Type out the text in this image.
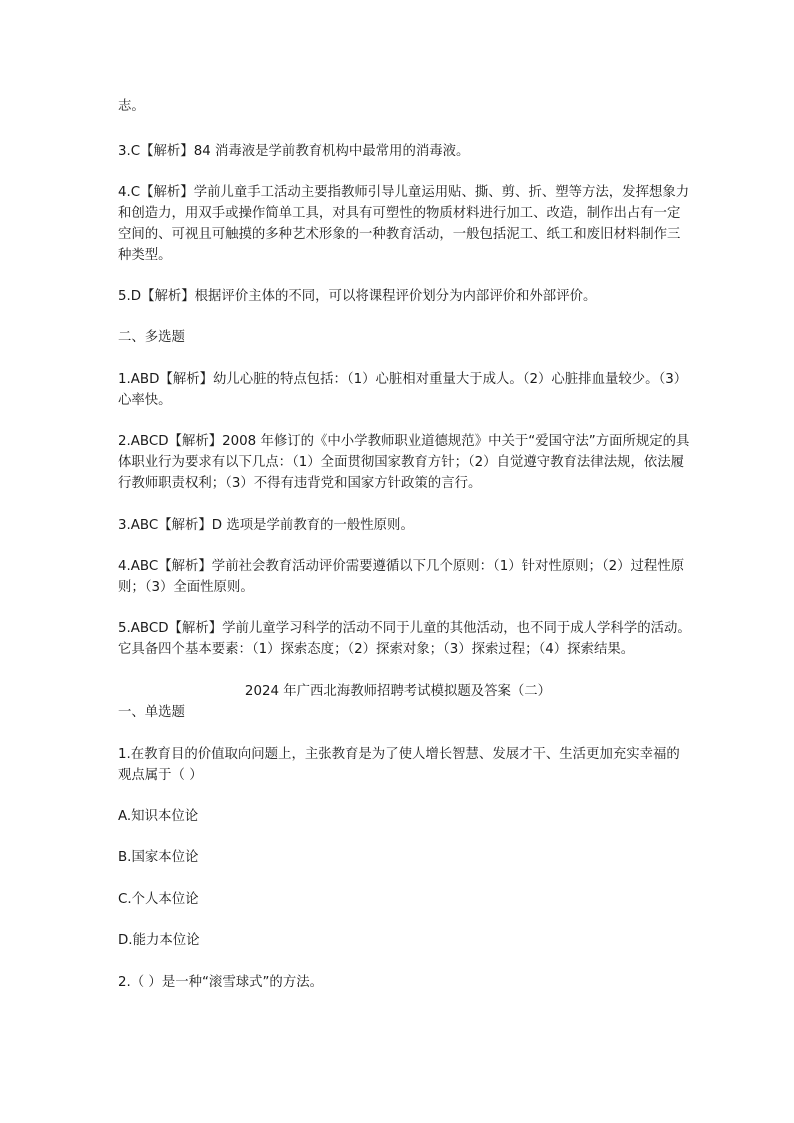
志。

3.C【解析】84 消毒液是学前教育机构中最常用的消毒液。

4.C【解析】学前儿童手工活动主要指教师引导儿童运用贴、撕、剪、折、塑等方法，发挥想象力和创造力，用双手或操作简单工具，对具有可塑性的物质材料进行加工、改造，制作出占有一定空间的、可视且可触摸的多种艺术形象的一种教育活动，一般包括泥工、纸工和废旧材料制作三种类型。

5.D【解析】根据评价主体的不同，可以将课程评价划分为内部评价和外部评价。

二、多选题

1.ABD【解析】幼儿心脏的特点包括：（1）心脏相对重量大于成人。（2）心脏排血量较少。（3）心率快。

2.ABCD【解析】2008 年修订的《中小学教师职业道德规范》中关于“爱国守法”方面所规定的具体职业行为要求有以下几点：（1）全面贯彻国家教育方针；（2）自觉遵守教育法律法规，依法履行教师职责权利；（3）不得有违背党和国家方针政策的言行。

3.ABC【解析】D 选项是学前教育的一般性原则。

4.ABC【解析】学前社会教育活动评价需要遵循以下几个原则：（1）针对性原则；（2）过程性原则；（3）全面性原则。

5.ABCD【解析】学前儿童学习科学的活动不同于儿童的其他活动，也不同于成人学科学的活动。它具备四个基本要素：（1）探索态度；（2）探索对象；（3）探索过程；（4）探索结果。

2024 年广西北海教师招聘考试模拟题及答案（二）

一、单选题

1.在教育目的价值取向问题上，主张教育是为了使人增长智慧、发展才干、生活更加充实幸福的观点属于（ ）

A.知识本位论

B.国家本位论

C.个人本位论

D.能力本位论

2.（ ）是一种“滚雪球式”的方法。
